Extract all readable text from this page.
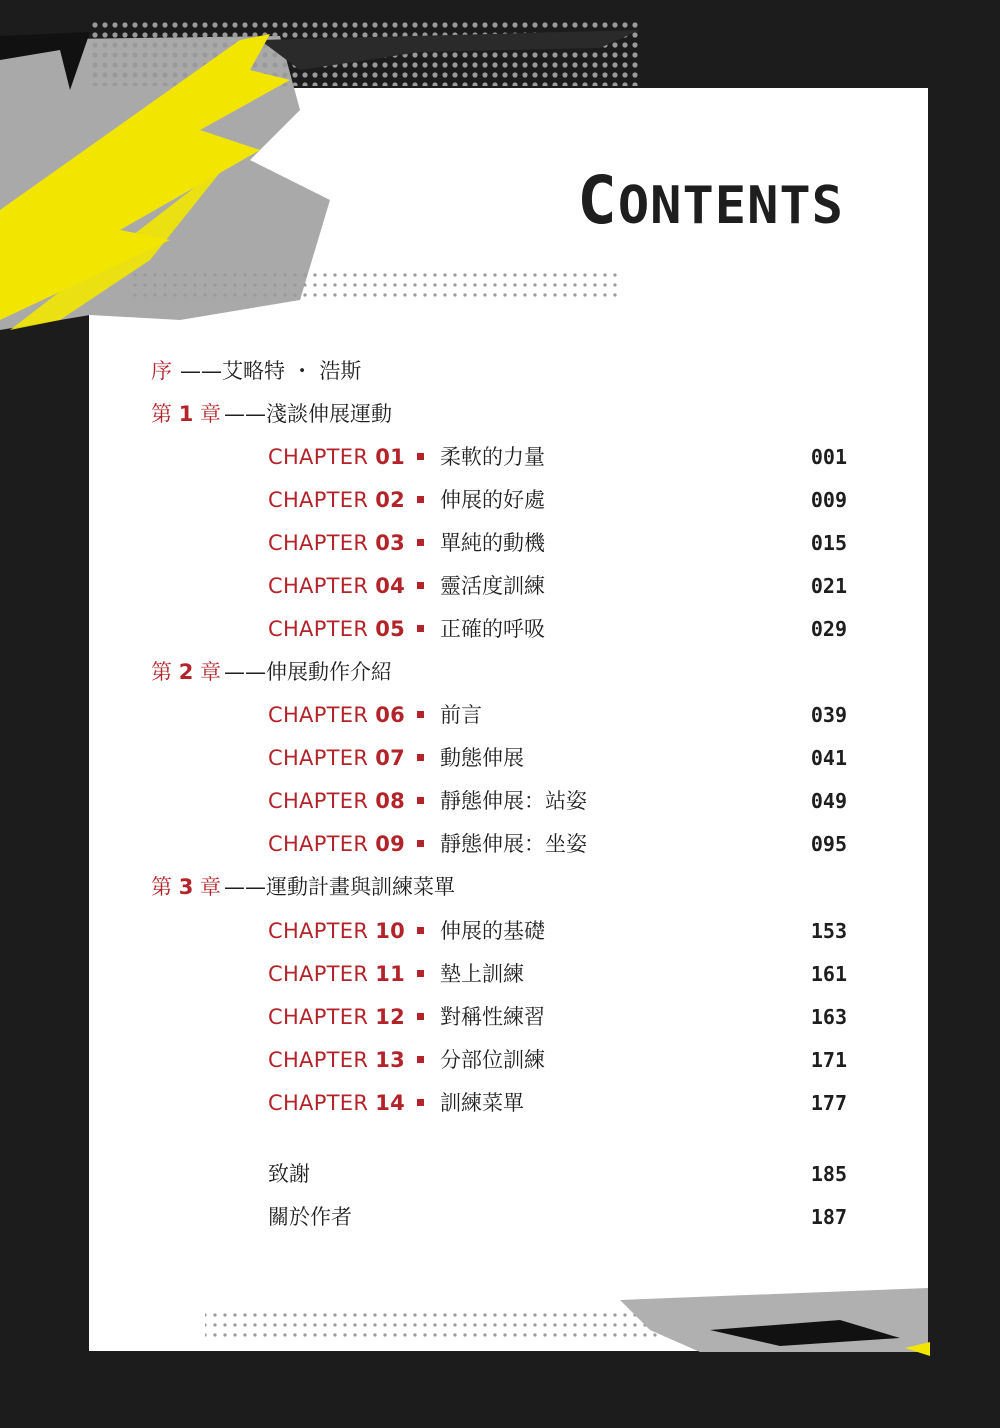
CONTENTS
序 ——艾略特 ・ 浩斯
第 1 章 ——淺談伸展運動
CHAPTER 01 柔軟的力量	001
CHAPTER 02 伸展的好處	009
CHAPTER 03 單純的動機	015
CHAPTER 04 靈活度訓練	021
CHAPTER 05 正確的呼吸	029
第 2 章 ——伸展動作介紹
CHAPTER 06 前言	039
CHAPTER 07 動態伸展	041
CHAPTER 08 靜態伸展：站姿	049
CHAPTER 09 靜態伸展：坐姿	095
第 3 章 ——運動計畫與訓練菜單
CHAPTER 10 伸展的基礎	153
CHAPTER 11 墊上訓練	161
CHAPTER 12 對稱性練習	163
CHAPTER 13 分部位訓練	171
CHAPTER 14 訓練菜單	177
致謝	185
關於作者	187
